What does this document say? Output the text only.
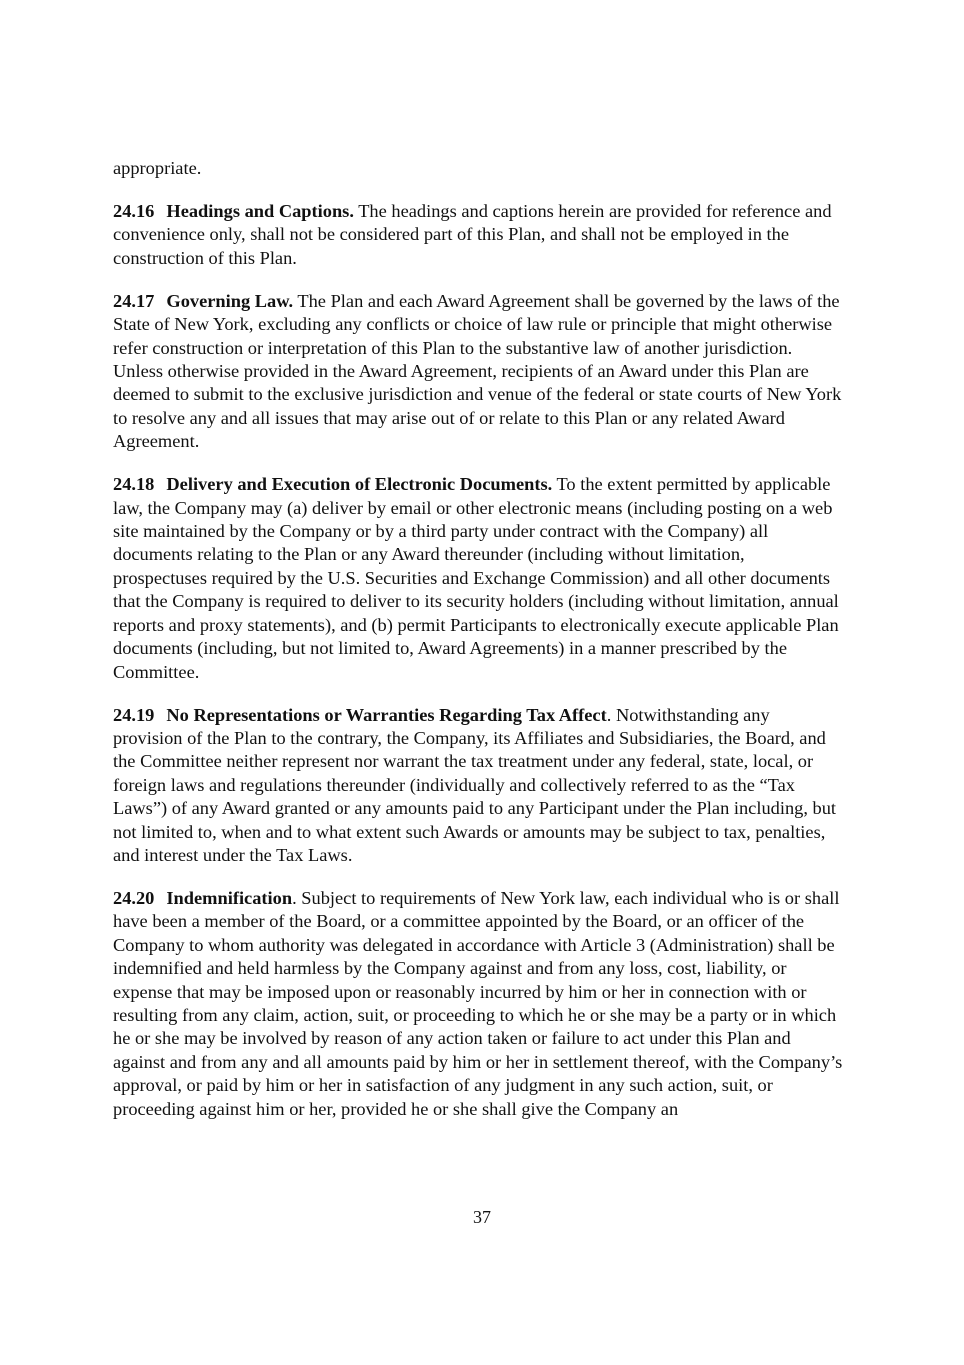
appropriate.

24.16 Headings and Captions. The headings and captions herein are provided for reference and convenience only, shall not be considered part of this Plan, and shall not be employed in the construction of this Plan.

24.17 Governing Law. The Plan and each Award Agreement shall be governed by the laws of the State of New York, excluding any conflicts or choice of law rule or principle that might otherwise refer construction or interpretation of this Plan to the substantive law of another jurisdiction. Unless otherwise provided in the Award Agreement, recipients of an Award under this Plan are deemed to submit to the exclusive jurisdiction and venue of the federal or state courts of New York to resolve any and all issues that may arise out of or relate to this Plan or any related Award Agreement.

24.18 Delivery and Execution of Electronic Documents. To the extent permitted by applicable law, the Company may (a) deliver by email or other electronic means (including posting on a web site maintained by the Company or by a third party under contract with the Company) all documents relating to the Plan or any Award thereunder (including without limitation, prospectuses required by the U.S. Securities and Exchange Commission) and all other documents that the Company is required to deliver to its security holders (including without limitation, annual reports and proxy statements), and (b) permit Participants to electronically execute applicable Plan documents (including, but not limited to, Award Agreements) in a manner prescribed by the Committee.

24.19 No Representations or Warranties Regarding Tax Affect. Notwithstanding any provision of the Plan to the contrary, the Company, its Affiliates and Subsidiaries, the Board, and the Committee neither represent nor warrant the tax treatment under any federal, state, local, or foreign laws and regulations thereunder (individually and collectively referred to as the “Tax Laws”) of any Award granted or any amounts paid to any Participant under the Plan including, but not limited to, when and to what extent such Awards or amounts may be subject to tax, penalties, and interest under the Tax Laws.

24.20 Indemnification. Subject to requirements of New York law, each individual who is or shall have been a member of the Board, or a committee appointed by the Board, or an officer of the Company to whom authority was delegated in accordance with Article 3 (Administration) shall be indemnified and held harmless by the Company against and from any loss, cost, liability, or expense that may be imposed upon or reasonably incurred by him or her in connection with or resulting from any claim, action, suit, or proceeding to which he or she may be a party or in which he or she may be involved by reason of any action taken or failure to act under this Plan and against and from any and all amounts paid by him or her in settlement thereof, with the Company’s approval, or paid by him or her in satisfaction of any judgment in any such action, suit, or proceeding against him or her, provided he or she shall give the Company an

37
